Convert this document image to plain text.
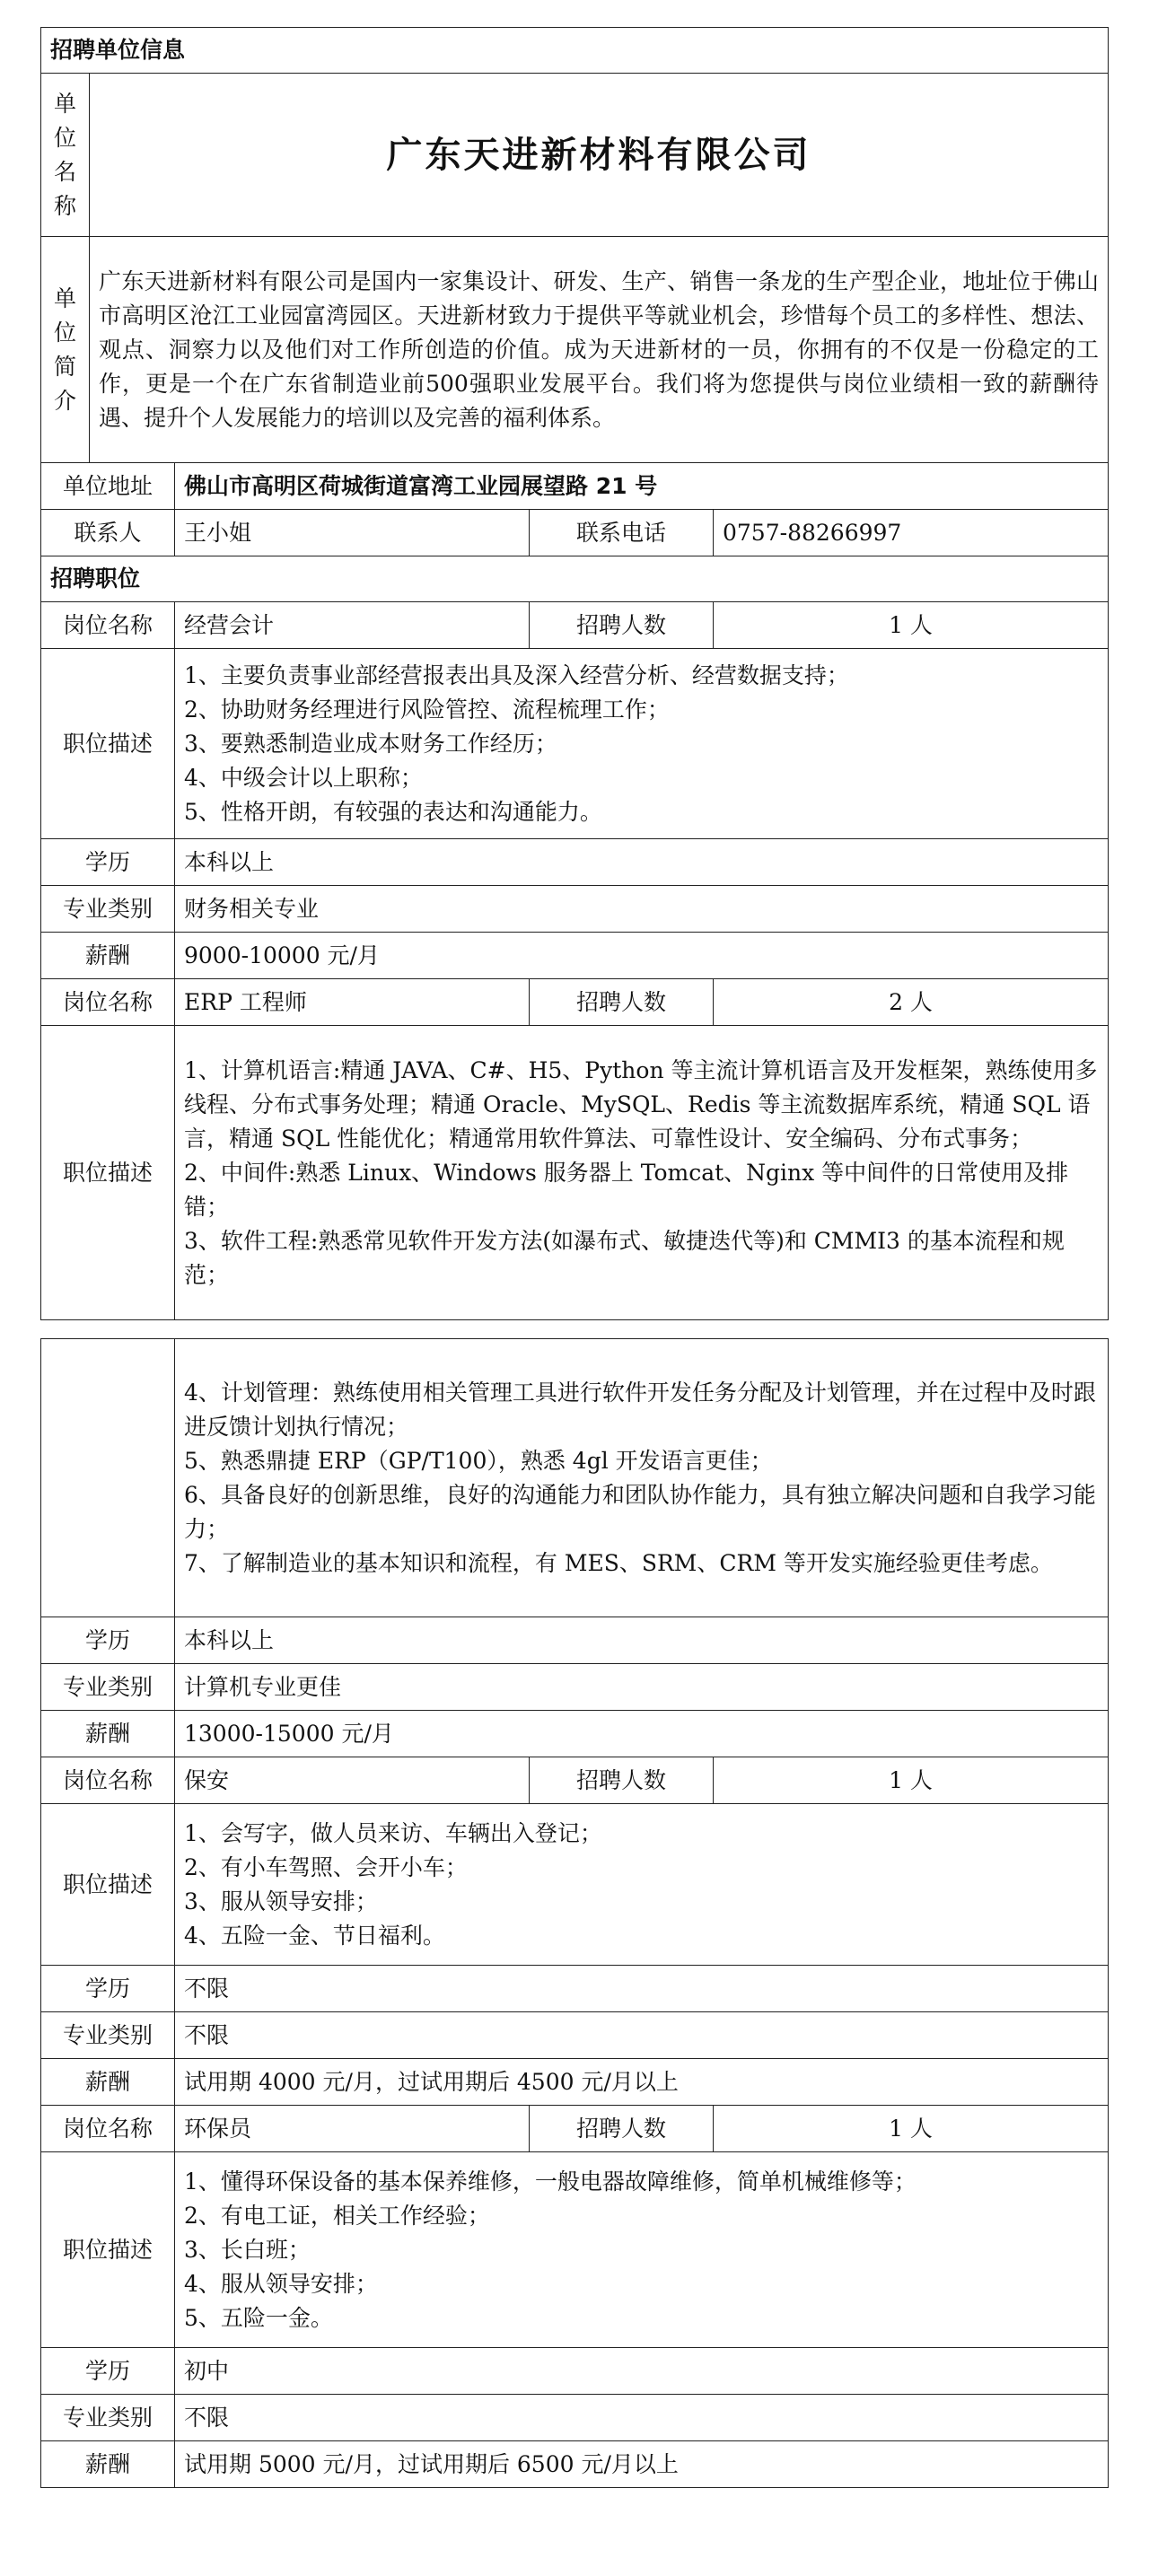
招聘单位信息				

单
位
名
称	广东天进新材料有限公司			

单
位
简
介	广东天进新材料有限公司是国内一家集设计、研发、生产、销售一条龙的生产型企业，地址位于佛山市高明区沧江工业园富湾园区。天进新材致力于提供平等就业机会，珍惜每个员工的多样性、想法、观点、洞察力以及他们对工作所创造的价值。成为天进新材的一员，你拥有的不仅是一份稳定的工作，更是一个在广东省制造业前500强职业发展平台。我们将为您提供与岗位业绩相一致的薪酬待遇、提升个人发展能力的培训以及完善的福利体系。			
单位地址		佛山市高明区荷城街道富湾工业园展望路 21 号		
联系人		王小姐	联系电话	0757-88266997
招聘职位				
岗位名称		经营会计	招聘人数	1 人
职位描述		1、主要负责事业部经营报表出具及深入经营分析、经营数据支持；
2、协助财务经理进行风险管控、流程梳理工作；
3、要熟悉制造业成本财务工作经历；
4、中级会计以上职称；
5、性格开朗，有较强的表达和沟通能力。		

学历		本科以上		
专业类别		财务相关专业		
薪酬		9000-10000 元/月		
岗位名称		ERP 工程师	招聘人数	2 人
职位描述		1、计算机语言:精通 JAVA、C#、H5、Python 等主流计算机语言及开发框架，熟练使用多线程、分布式事务处理；精通 Oracle、MySQL、Redis 等主流数据库系统，精通 SQL 语言，精通 SQL 性能优化；精通常用软件算法、可靠性设计、安全编码、分布式事务；
2、中间件:熟悉 Linux、Windows 服务器上 Tomcat、Nginx 等中间件的日常使用及排错；
3、软件工程:熟悉常见软件开发方法(如瀑布式、敏捷迭代等)和 CMMI3 的基本流程和规范；		

	4、计划管理：熟练使用相关管理工具进行软件开发任务分配及计划管理，并在过程中及时跟进反馈计划执行情况；
5、熟悉鼎捷 ERP（GP/T100），熟悉 4gl 开发语言更佳；
6、具备良好的创新思维，良好的沟通能力和团队协作能力，具有独立解决问题和自我学习能力；
7、了解制造业的基本知识和流程，有 MES、SRM、CRM 等开发实施经验更佳考虑。		

学历	本科以上		
专业类别	计算机专业更佳		
薪酬	13000-15000 元/月		
岗位名称	保安	招聘人数	1 人
职位描述	1、会写字，做人员来访、车辆出入登记；
2、有小车驾照、会开小车；
3、服从领导安排；
4、五险一金、节日福利。		

学历	不限		
专业类别	不限		
薪酬	试用期 4000 元/月，过试用期后 4500 元/月以上		
岗位名称	环保员	招聘人数	1 人
职位描述	1、懂得环保设备的基本保养维修，一般电器故障维修，简单机械维修等；
2、有电工证，相关工作经验；
3、长白班；
4、服从领导安排；
5、五险一金。		

学历	初中		
专业类别	不限		
薪酬	试用期 5000 元/月，过试用期后 6500 元/月以上		
